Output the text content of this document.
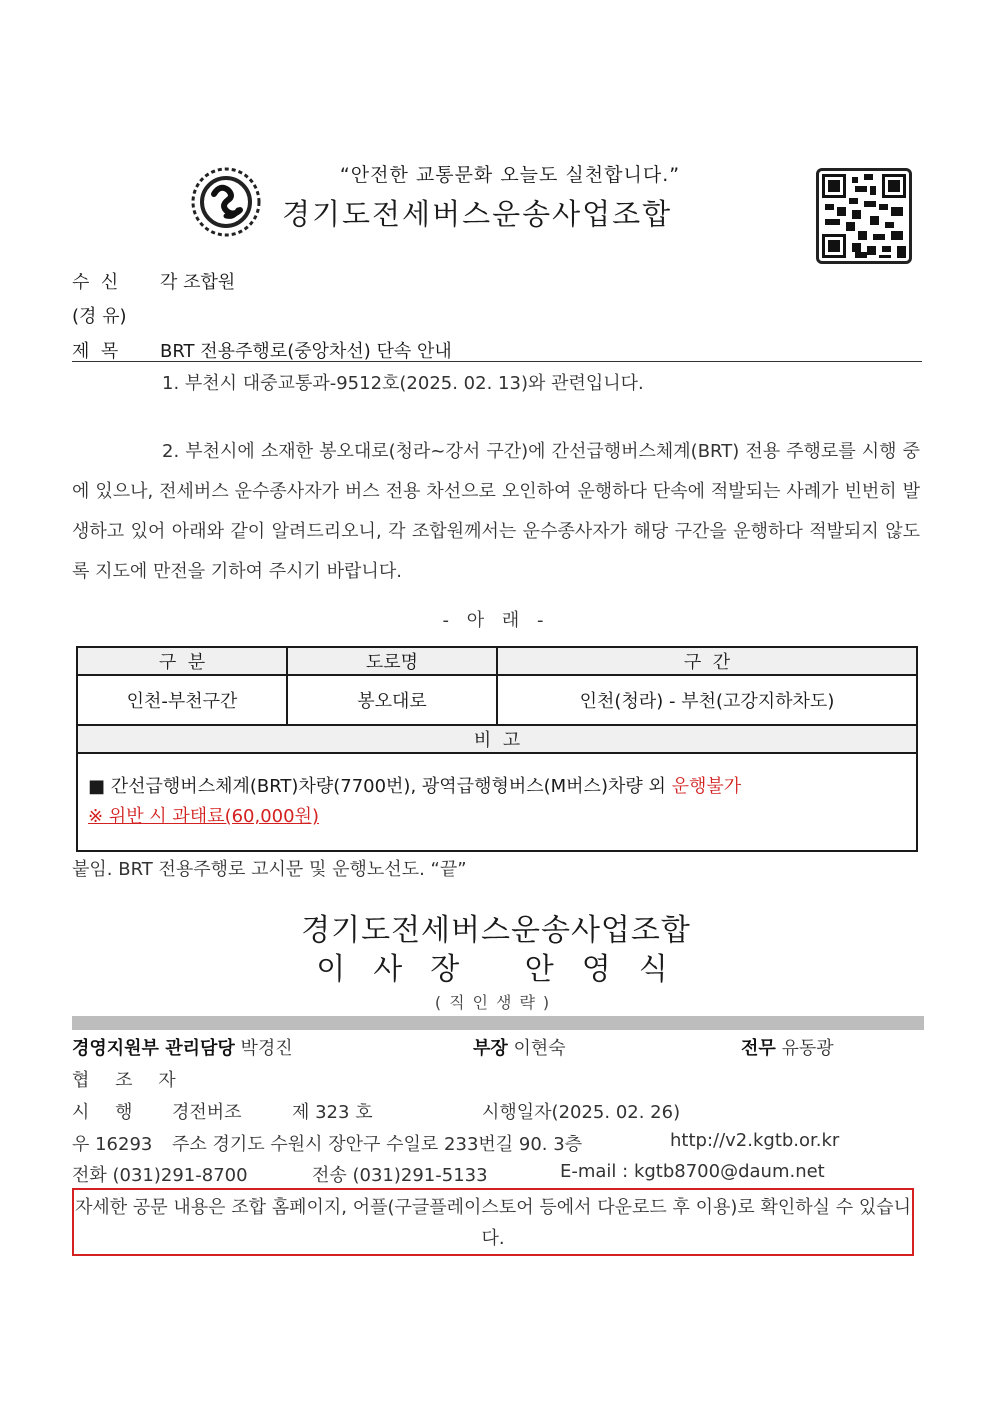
“안전한 교통문화 오늘도 실천합니다.”
경기도전세버스운송사업조합
수  신 각 조합원
(경 유)
제  목 BRT 전용주행로(중앙차선) 단속 안내
1. 부천시 대중교통과-9512호(2025. 02. 13)와 관련입니다.
2. 부천시에 소재한 봉오대로(청라~강서 구간)에 간선급행버스체계(BRT) 전용 주행로를 시행 중에 있으나, 전세버스 운수종사자가 버스 전용 차선으로 오인하여 운행하다 단속에 적발되는 사례가 빈번히 발생하고 있어 아래와 같이 알려드리오니, 각 조합원께서는 운수종사자가 해당 구간을 운행하다 적발되지 않도록 지도에 만전을 기하여 주시기 바랍니다.
- 아 래 -
구  분	도로명	구  간
인천-부천구간	봉오대로	인천(청라) - 부천(고강지하차도)
비  고		

■ 간선급행버스체계(BRT)차량(7700번), 광역급행형버스(M버스)차량 외 운행불가
※ 위반 시 과태료(60,000원)		
붙임. BRT 전용주행로 고시문 및 운행노선도. “끝”
경기도전세버스운송사업조합
이사장 안영식
(직인생략)
경영지원부 관리담당 박경진	부장 이현숙	전무 유동광
협 조 자
시 행 경전버조	제 323 호	시행일자(2025. 02. 26)
우 16293 주소 경기도 수원시 장안구 수일로 233번길 90. 3층	http://v2.kgtb.or.kr
전화 (031)291-8700	전송 (031)291-5133	E-mail : kgtb8700@daum.net
자세한 공문 내용은 조합 홈페이지, 어플(구글플레이스토어 등에서 다운로드 후 이용)로 확인하실 수 있습니다.
